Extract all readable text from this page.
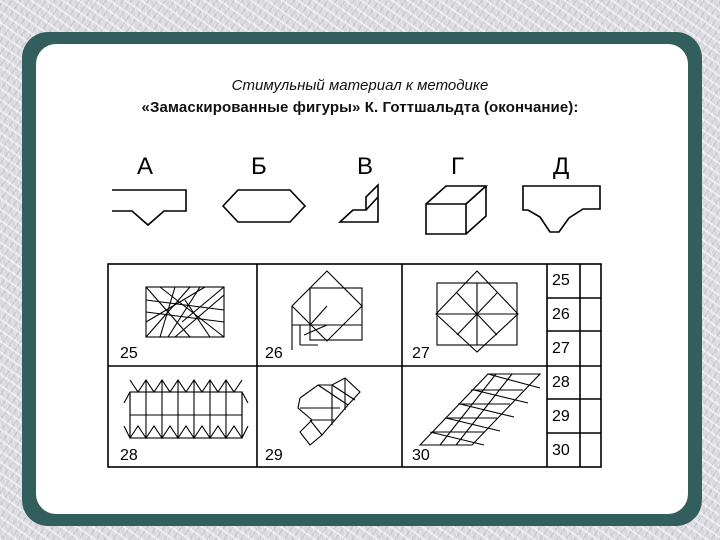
Стимульный материал к методике
«Замаскированные фигуры» К. Готтшальдта (окончание):
А	Б	В	Г	Д
25	26	27
28	29	30
25
26
27
28
29
30
